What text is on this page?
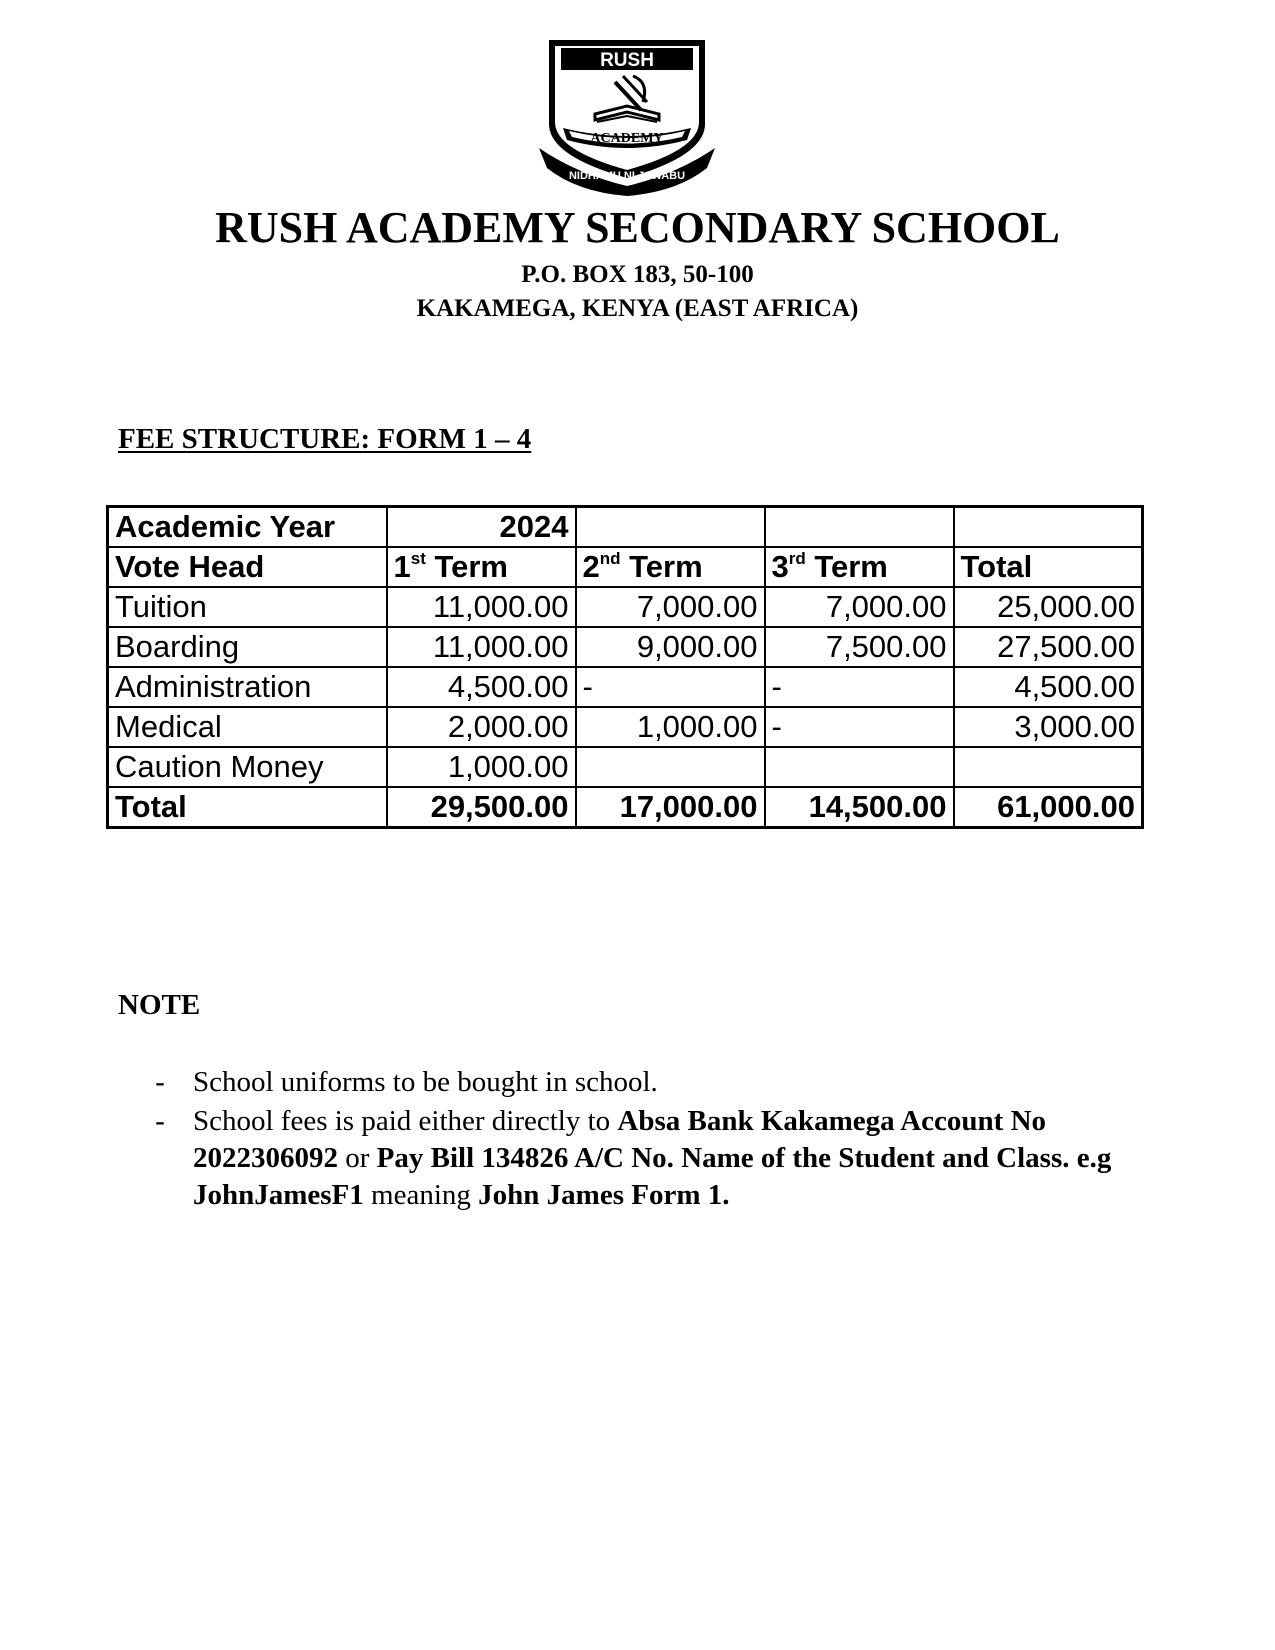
RUSH
ACADEMY
NIDHAMU NI JAWABU
RUSH ACADEMY SECONDARY SCHOOL
P.O. BOX 183, 50-100
KAKAMEGA, KENYA (EAST AFRICA)
FEE STRUCTURE: FORM 1 – 4
Academic Year	2024			
Vote Head	1st Term	2nd Term	3rd Term	Total
Tuition	11,000.00	7,000.00	7,000.00	25,000.00
Boarding	11,000.00	9,000.00	7,500.00	27,500.00
Administration	4,500.00	-	-	4,500.00
Medical	2,000.00	1,000.00	-	3,000.00
Caution Money	1,000.00			
Total	29,500.00	17,000.00	14,500.00	61,000.00
NOTE
- School uniforms to be bought in school.
- School fees is paid either directly to Absa Bank Kakamega Account No 2022306092 or Pay Bill 134826 A/C No. Name of the Student and Class. e.g JohnJamesF1 meaning John James Form 1.
